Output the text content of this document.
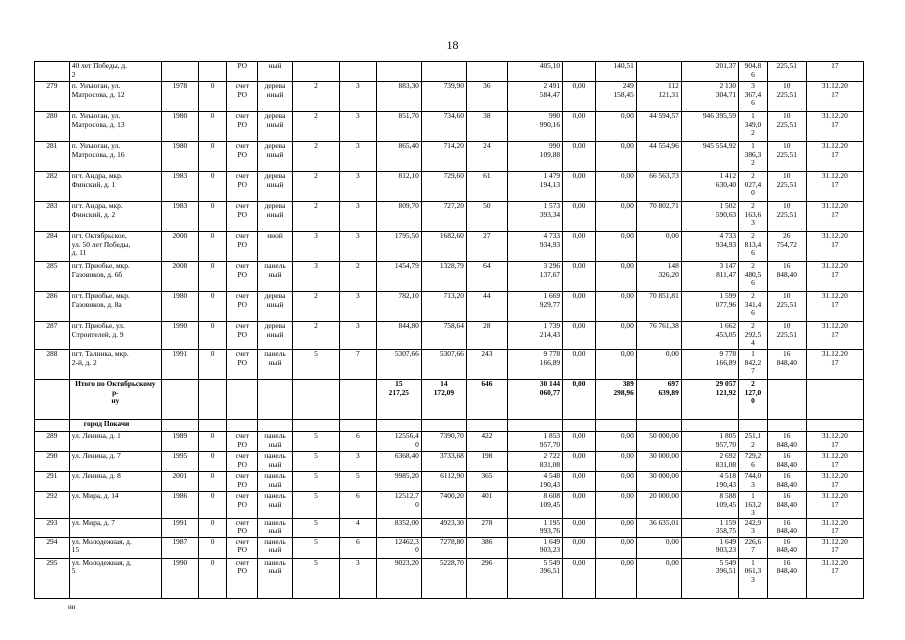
18
	40 лет Победы, д.
2			РО	ный						405,10		140,51		201,37	904,8
6	225,51	17
279	п. Унъюган, ул.
Матросова, д. 12	1978	0	счет
РО	дерева
нный	2	3	883,30	739,90	36	2 491
584,47	0,00	249
158,45	112
121,31	2 130
304,71	3
367,4
6	10
225,51	31.12.20
17
280	п. Унъюган, ул.
Матросова, д. 13	1980	0	счет
РО	дерева
нный	2	3	851,70	734,60	38	990
990,16	0,00	0,00	44 594,57	946 395,59	1
349,0
2	10
225,51	31.12.20
17
281	п. Унъюган, ул.
Матросова, д. 16	1980	0	счет
РО	дерева
нный	2	3	865,40	714,20	24	990
109,88	0,00	0,00	44 554,96	945 554,92	1
386,3
2	10
225,51	31.12.20
17
282	пгт. Андра, мкр.
Финский, д. 1	1983	0	счет
РО	дерева
нный	2	3	812,10	729,60	61	1 479
194,13	0,00	0,00	66 563,73	1 412
630,40	2
027,4
0	10
225,51	31.12.20
17
283	пгт. Андра, мкр.
Финский, д. 2	1983	0	счет
РО	дерева
нный	2	3	809,70	727,20	50	1 573
393,34	0,00	0,00	70 802,71	1 502
590,63	2
163,6
3	10
225,51	31.12.20
17
284	пгт. Октябрьское,
ул. 50 лет Победы,
д. 11	2000	0	счет
РО	иной	3	3	1795,50	1682,60	27	4 733
934,93	0,00	0,00	0,00	4 733
934,93	2
813,4
6	26
754,72	31.12.20
17
285	пгт. Приобье, мкр.
Газовиков, д. 6б	2008	0	счет
РО	панель
ный	3	2	1454,79	1328,79	64	3 296
137,67	0,00	0,00	148
326,20	3 147
811,47	2
480,5
6	16
848,40	31.12.20
17
286	пгт. Приобье, мкр.
Газовиков, д. 8а	1980	0	счет
РО	дерева
нный	2	3	782,10	713,20	44	1 669
929,77	0,00	0,00	70 851,81	1 599
077,96	2
341,4
6	10
225,51	31.12.20
17
287	пгт. Приобье, ул.
Строителей, д. 9	1990	0	счет
РО	дерева
нный	2	3	844,80	758,64	28	1 739
214,43	0,00	0,00	76 761,38	1 662
453,05	2
292,5
4	10
225,51	31.12.20
17
288	пгт. Талинка, мкр.
2-й, д. 2	1991	0	счет
РО	панель
ный	5	7	5307,66	5307,66	243	9 778
166,89	0,00	0,00	0,00	9 778
166,89	1
842,2
7	16
848,40	31.12.20
17
	Итого по Октябрьскому р-
ну							15
217,25	14
172,09	646	30 144
060,77	0,00	389
298,96	697
639,89	29 057
121,92	2
127,0
0		
	город Покачи																	
289	ул. Ленина, д. 1	1989	0	счет
РО	панель
ный	5	6	12556,4
0	7390,70	422	1 853
957,70	0,00	0,00	50 000,00	1 805
957,70	251,1
2	16
848,40	31.12.20
17
290	ул. Ленина, д. 7	1995	0	счет
РО	панель
ный	5	3	6368,40	3733,68	198	2 722
831,08	0,00	0,00	30 000,00	2 692
831,08	729,2
6	16
848,40	31.12.20
17
291	ул. Ленина, д. 8	2001	0	счет
РО	панель
ный	5	5	9985,20	6112,90	365	4 548
190,43	0,00	0,00	30 000,00	4 518
190,43	744,0
3	16
848,40	31.12.20
17
292	ул. Мира, д. 14	1986	0	счет
РО	панель
ный	5	6	12512,7
0	7400,20	401	8 608
109,45	0,00	0,00	20 000,00	8 588
109,45	1
163,2
3	16
848,40	31.12.20
17
293	ул. Мира, д. 7	1991	0	счет
РО	панель
ный	5	4	8352,00	4923,30	278	1 195
993,76	0,00	0,00	36 635,01	1 159
358,75	242,9
3	16
848,40	31.12.20
17
294	ул. Молодежная, д.
15	1987	0	счет
РО	панель
ный	5	6	12462,3
0	7278,80	386	1 649
903,23	0,00	0,00	0,00	1 649
903,23	226,6
7	16
848,40	31.12.20
17
295	ул. Молодежная, д.
5	1990	0	счет
РО	панель
ный	5	3	9023,20	5228,70	296	5 549
396,51	0,00	0,00	0,00	5 549
396,51	1
061,3
3	16
848,40	31.12.20
17
нн
